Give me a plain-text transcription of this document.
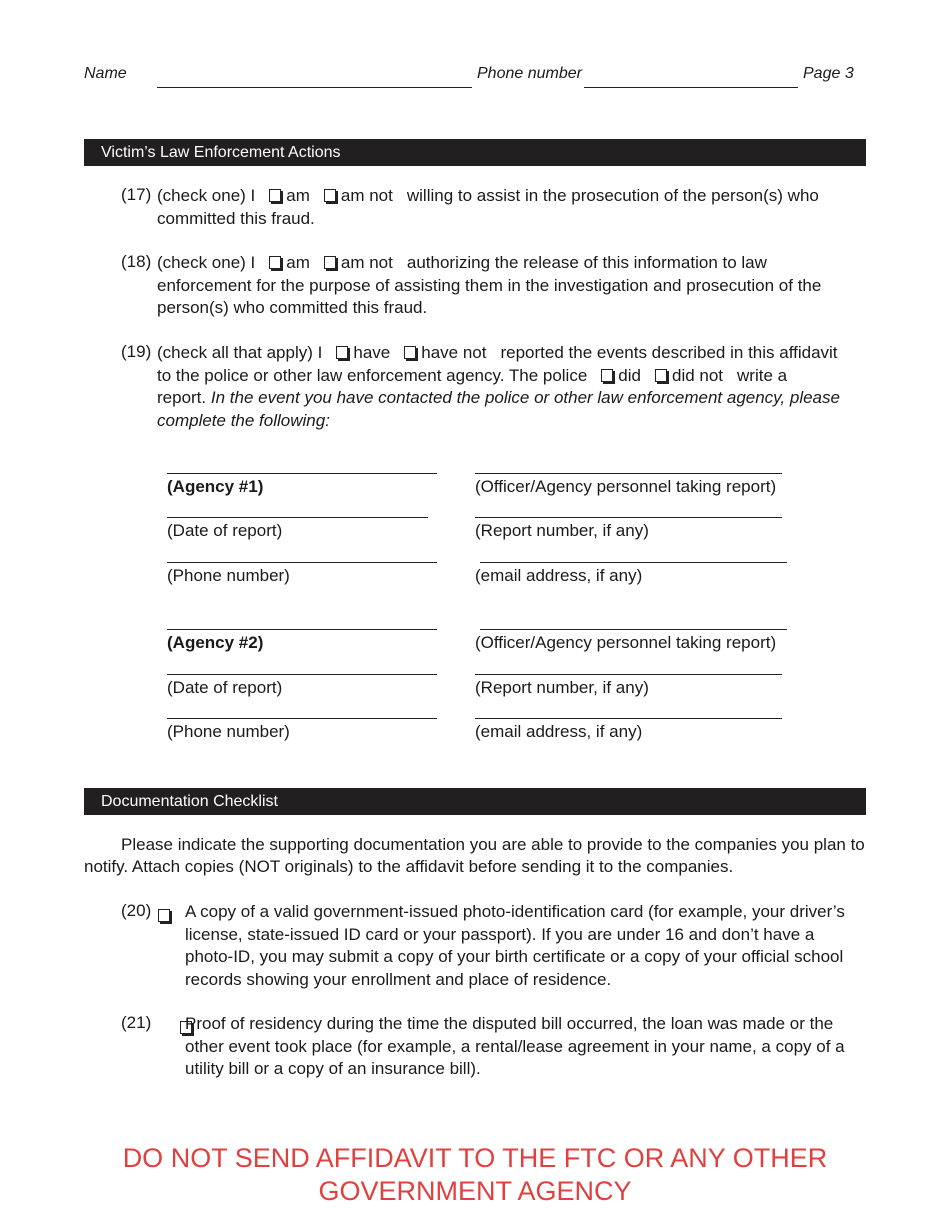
Name	Phone number	Page 3
Victim’s Law Enforcement Actions
(17) (check one) I am am not willing to assist in the prosecution of the person(s) who
committed this fraud.
(18) (check one) I am am not authorizing the release of this information to law
enforcement for the purpose of assisting them in the investigation and prosecution of the
person(s) who committed this fraud.
(19) (check all that apply) I have have not reported the events described in this affidavit
to the police or other law enforcement agency. The police did did not write a
report. In the event you have contacted the police or other law enforcement agency, please
complete the following:
(Agency #1)	(Officer/Agency personnel taking report)
(Date of report)	(Report number, if any)
(Phone number)	(email address, if any)
(Agency #2)	(Officer/Agency personnel taking report)
(Date of report)	(Report number, if any)
(Phone number)	(email address, if any)
Documentation Checklist
Please indicate the supporting documentation you are able to provide to the companies you plan to
notify. Attach copies (NOT originals) to the affidavit before sending it to the companies.
(20)
A copy of a valid government-issued photo-identification card (for example, your driver’s
license, state-issued ID card or your passport). If you are under 16 and don’t have a
photo-ID, you may submit a copy of your birth certificate or a copy of your official school
records showing your enrollment and place of residence.
(21) Proof of residency during the time the disputed bill occurred, the loan was made or the
other event took place (for example, a rental/lease agreement in your name, a copy of a
utility bill or a copy of an insurance bill).
DO NOT SEND AFFIDAVIT TO THE FTC OR ANY OTHER
GOVERNMENT AGENCY
